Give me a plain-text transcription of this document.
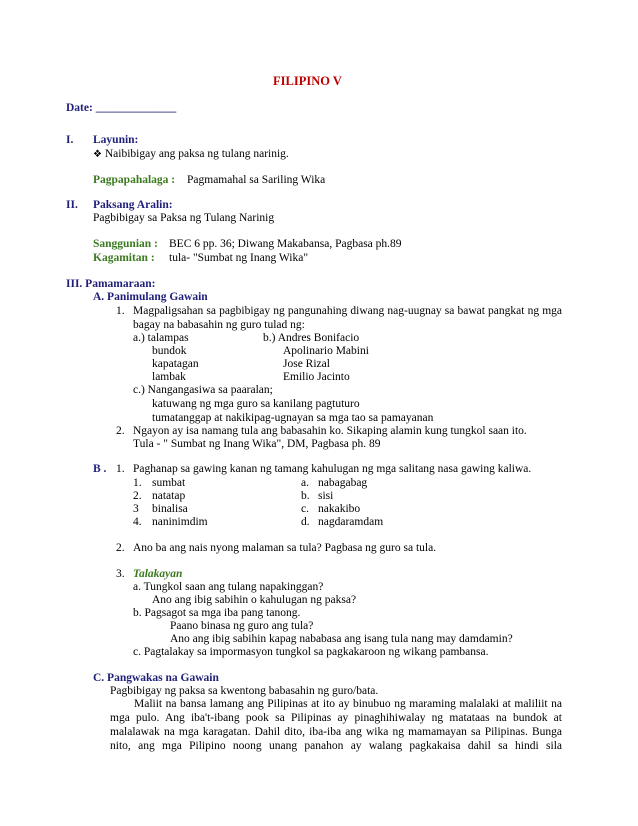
FILIPINO V
Date: ______________
I. Layunin:
❖ Naibibigay ang paksa ng tulang narinig.
Pagpapahalaga : Pagmamahal sa Sariling Wika
II. Paksang Aralin:
Pagbibigay sa Paksa ng Tulang Narinig
Sanggunian : BEC 6 pp. 36; Diwang Makabansa, Pagbasa ph.89
Kagamitan : tula- "Sumbat ng Inang Wika"
III. Pamamaraan:
A. Panimulang Gawain
1. Magpaligsahan sa pagbibigay ng pangunahing diwang nag-uugnay sa bawat pangkat ng mga
bagay na babasahin ng guro tulad ng:
a.) talampas	b.) Andres Bonifacio
bundok
kapatagan
lambak
Apolinario Mabini
Jose Rizal
Emilio Jacinto
c.) Nangangasiwa sa paaralan;
katuwang ng mga guro sa kanilang pagtuturo
tumatanggap at nakikipag-ugnayan sa mga tao sa pamayanan
2. Ngayon ay isa namang tula ang babasahin ko. Sikaping alamin kung tungkol saan ito.
Tula - " Sumbat ng Inang Wika", DM, Pagbasa ph. 89
B . 1. Paghanap sa gawing kanan ng tamang kahulugan ng mga salitang nasa gawing kaliwa.
1. sumbat
2. natatap
3 binalisa
4. naninimdim
a. nabagabag
b. sisi
c. nakakibo
d. nagdaramdam
2. Ano ba ang nais nyong malaman sa tula? Pagbasa ng guro sa tula.
3. Talakayan
a. Tungkol saan ang tulang napakinggan?
Ano ang ibig sabihin o kahulugan ng paksa?
b. Pagsagot sa mga iba pang tanong.
Paano binasa ng guro ang tula?
Ano ang ibig sabihin kapag nababasa ang isang tula nang may damdamin?
c. Pagtalakay sa impormasyon tungkol sa pagkakaroon ng wikang pambansa.
C. Pangwakas na Gawain
Pagbibigay ng paksa sa kwentong babasahin ng guro/bata.
Maliit na bansa lamang ang Pilipinas at ito ay binubuo ng maraming malalaki at maliliit na
mga pulo. Ang iba't-ibang pook sa Pilipinas ay pinaghihiwalay ng matataas na bundok at
malalawak na mga karagatan. Dahil dito, iba-iba ang wika ng mamamayan sa Pilipinas. Bunga
nito, ang mga Pilipino noong unang panahon ay walang pagkakaisa dahil sa hindi sila
